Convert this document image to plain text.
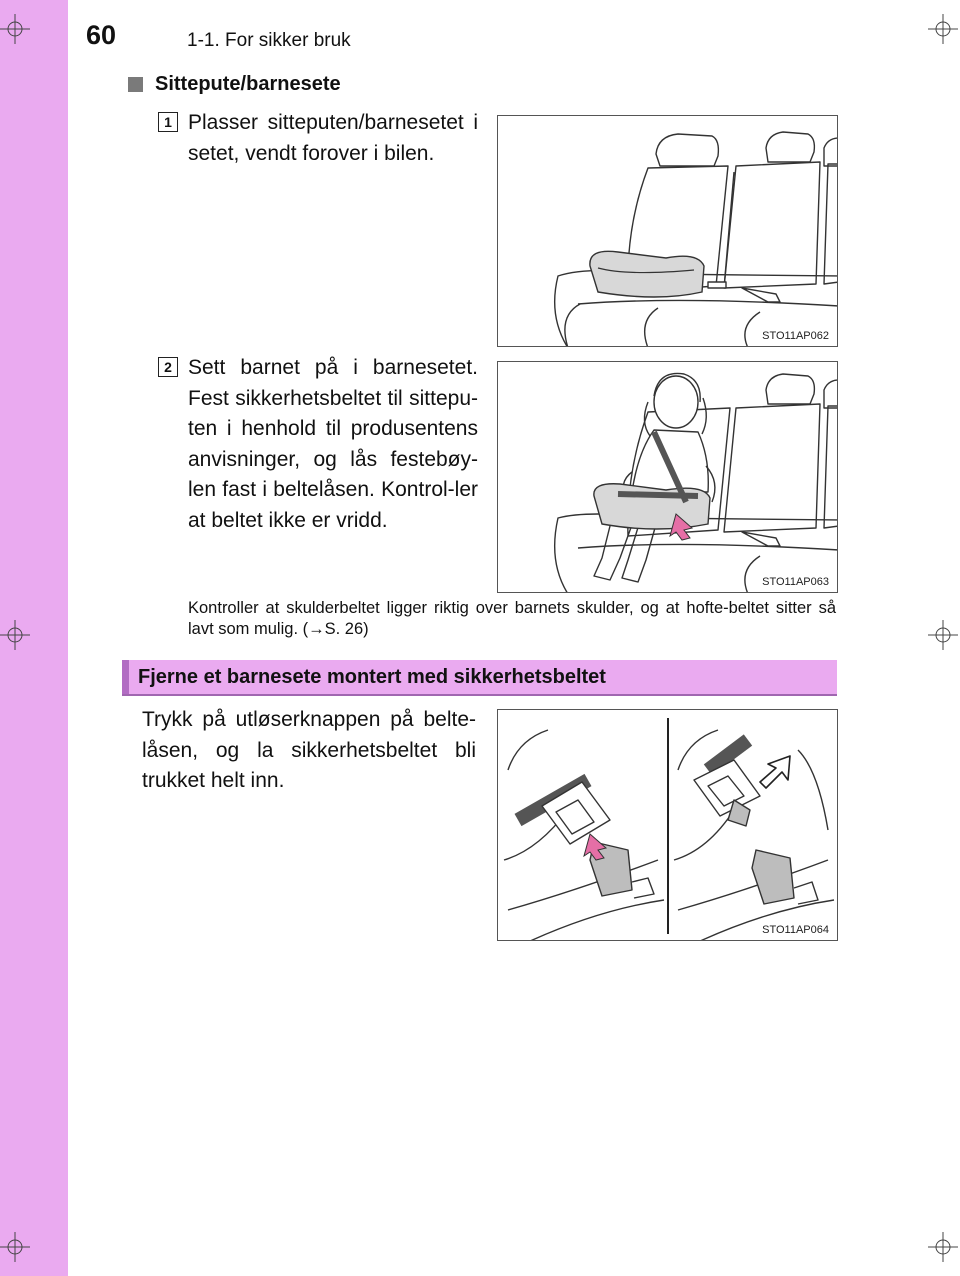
60	1-1. For sikker bruk
Sittepute/barnesete
1 Plasser sitteputen/barnesetet i setet, vendt forover i bilen.
STO11AP062
2 Sett barnet på i barnesetet. Fest sikkerhetsbeltet til sittepu-ten i henhold til produsentens anvisninger, og lås festebøy-len fast i beltelåsen. Kontrol-ler at beltet ikke er vridd.
STO11AP063
Kontroller at skulderbeltet ligger riktig over barnets skulder, og at hofte-beltet sitter så lavt som mulig. (→S. 26)
Fjerne et barnesete montert med sikkerhetsbeltet
Trykk på utløserknappen på belte-låsen, og la sikkerhetsbeltet bli trukket helt inn.
STO11AP064
